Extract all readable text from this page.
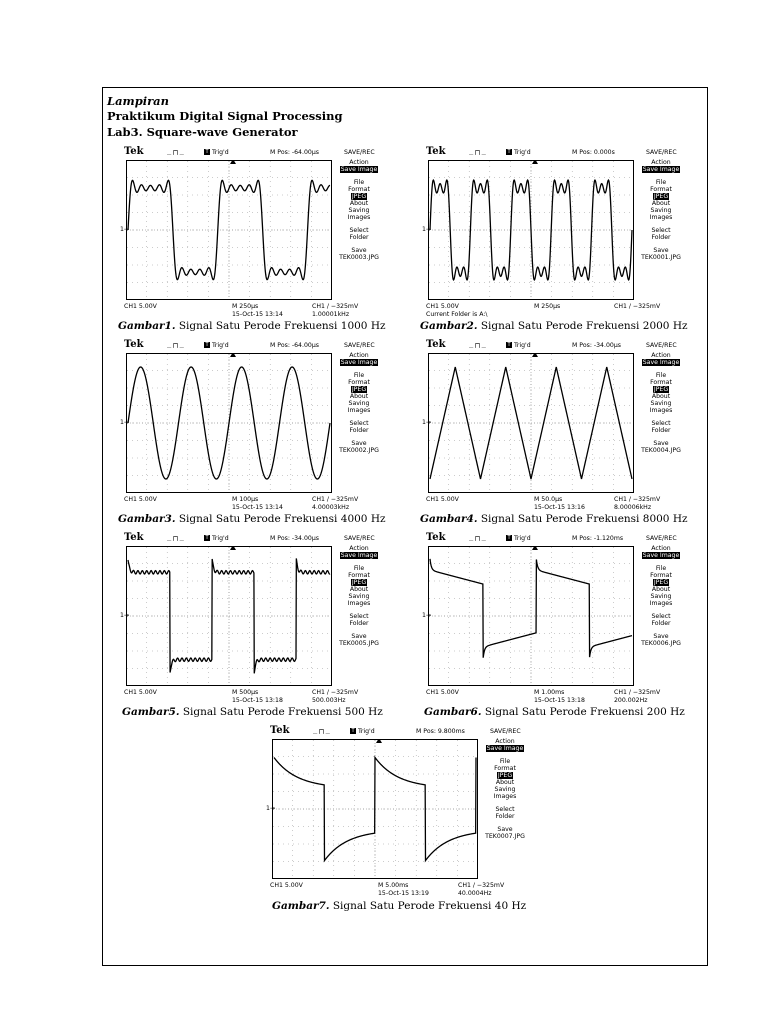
Lampiran
Praktikum Digital Signal Processing
Lab3. Square-wave Generator
Tek	_┌┐_	T Trig'd	M Pos: -64.00µs	SAVE/REC
Action
Save Image
File
Format
JPEG
About
Saving
Images
Select
Folder
Save
TEK0003.JPG
1→
CH1 5.00V	M 250µs	CH1 ∕ −325mV
15-Oct-15 13:14	1.00001kHz
Gambar1. Signal Satu Perode Frekuensi 1000 Hz
Tek	_┌┐_	T Trig'd	M Pos: 0.000s	SAVE/REC
Action
Save Image
File
Format
JPEG
About
Saving
Images
Select
Folder
Save
TEK0001.JPG
1→
CH1 5.00V	M 250µs	CH1 ∕ −325mV
Current Folder is A:\
Gambar2. Signal Satu Perode Frekuensi 2000 Hz
Tek	_┌┐_	T Trig'd	M Pos: -64.00µs	SAVE/REC
Action
Save Image
File
Format
JPEG
About
Saving
Images
Select
Folder
Save
TEK0002.JPG
1→
CH1 5.00V	M 100µs	CH1 ∕ −325mV
15-Oct-15 13:14	4.00003kHz
Gambar3. Signal Satu Perode Frekuensi 4000 Hz
Tek	_┌┐_	T Trig'd	M Pos: -34.00µs	SAVE/REC
Action
Save Image
File
Format
JPEG
About
Saving
Images
Select
Folder
Save
TEK0004.JPG
1→
CH1 5.00V	M 50.0µs	CH1 ∕ −325mV
15-Oct-15 13:16	8.00006kHz
Gambar4. Signal Satu Perode Frekuensi 8000 Hz
Tek	_┌┐_	T Trig'd	M Pos: -34.00µs	SAVE/REC
Action
Save Image
File
Format
JPEG
About
Saving
Images
Select
Folder
Save
TEK0005.JPG
1→
CH1 5.00V	M 500µs	CH1 ∕ −325mV
15-Oct-15 13:18	500.003Hz
Gambar5. Signal Satu Perode Frekuensi 500 Hz
Tek	_┌┐_	T Trig'd	M Pos: -1.120ms	SAVE/REC
Action
Save Image
File
Format
JPEG
About
Saving
Images
Select
Folder
Save
TEK0006.JPG
1→
CH1 5.00V	M 1.00ms	CH1 ∕ −325mV
15-Oct-15 13:18	200.002Hz
Gambar6. Signal Satu Perode Frekuensi 200 Hz
Tek	_┌┐_	T Trig'd	M Pos: 9.800ms	SAVE/REC
Action
Save Image
File
Format
JPEG
About
Saving
Images
Select
Folder
Save
TEK0007.JPG
1→
CH1 5.00V	M 5.00ms	CH1 ∕ −325mV
15-Oct-15 13:19	40.0004Hz
Gambar7. Signal Satu Perode Frekuensi 40 Hz
